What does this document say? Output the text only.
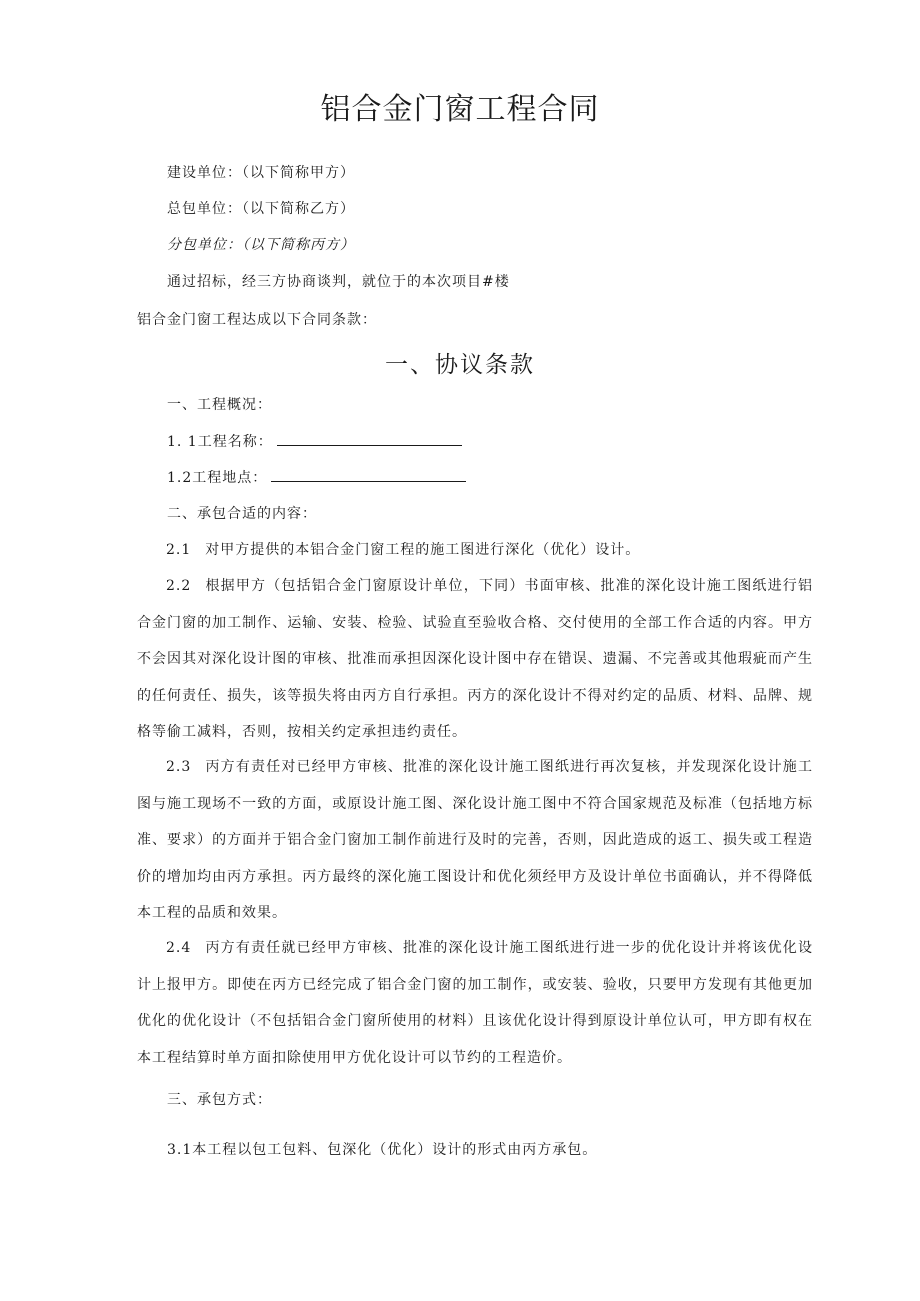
铝合金门窗工程合同
建设单位：（以下简称甲方）
总包单位：（以下简称乙方）
分包单位：（以下简称丙方）
通过招标，经三方协商谈判，就位于的本次项目#楼
铝合金门窗工程达成以下合同条款：
一、协议条款
一、工程概况：
1. 1工程名称：
1.2工程地点：
二、承包合适的内容：
2.1 对甲方提供的本铝合金门窗工程的施工图进行深化（优化）设计。
2.2 根据甲方（包括铝合金门窗原设计单位，下同）书面审核、批准的深化设计施工图纸进行铝合金门窗的加工制作、运输、安装、检验、试验直至验收合格、交付使用的全部工作合适的内容。甲方不会因其对深化设计图的审核、批准而承担因深化设计图中存在错误、遗漏、不完善或其他瑕疵而产生的任何责任、损失，该等损失将由丙方自行承担。丙方的深化设计不得对约定的品质、材料、品牌、规格等偷工减料，否则，按相关约定承担违约责任。
2.3 丙方有责任对已经甲方审核、批准的深化设计施工图纸进行再次复核，并发现深化设计施工图与施工现场不一致的方面，或原设计施工图、深化设计施工图中不符合国家规范及标准（包括地方标准、要求）的方面并于铝合金门窗加工制作前进行及时的完善，否则，因此造成的返工、损失或工程造价的增加均由丙方承担。丙方最终的深化施工图设计和优化须经甲方及设计单位书面确认，并不得降低本工程的品质和效果。
2.4 丙方有责任就已经甲方审核、批准的深化设计施工图纸进行进一步的优化设计并将该优化设计上报甲方。即使在丙方已经完成了铝合金门窗的加工制作，或安装、验收，只要甲方发现有其他更加优化的优化设计（不包括铝合金门窗所使用的材料）且该优化设计得到原设计单位认可，甲方即有权在本工程结算时单方面扣除使用甲方优化设计可以节约的工程造价。
三、承包方式：
3.1本工程以包工包料、包深化（优化）设计的形式由丙方承包。
